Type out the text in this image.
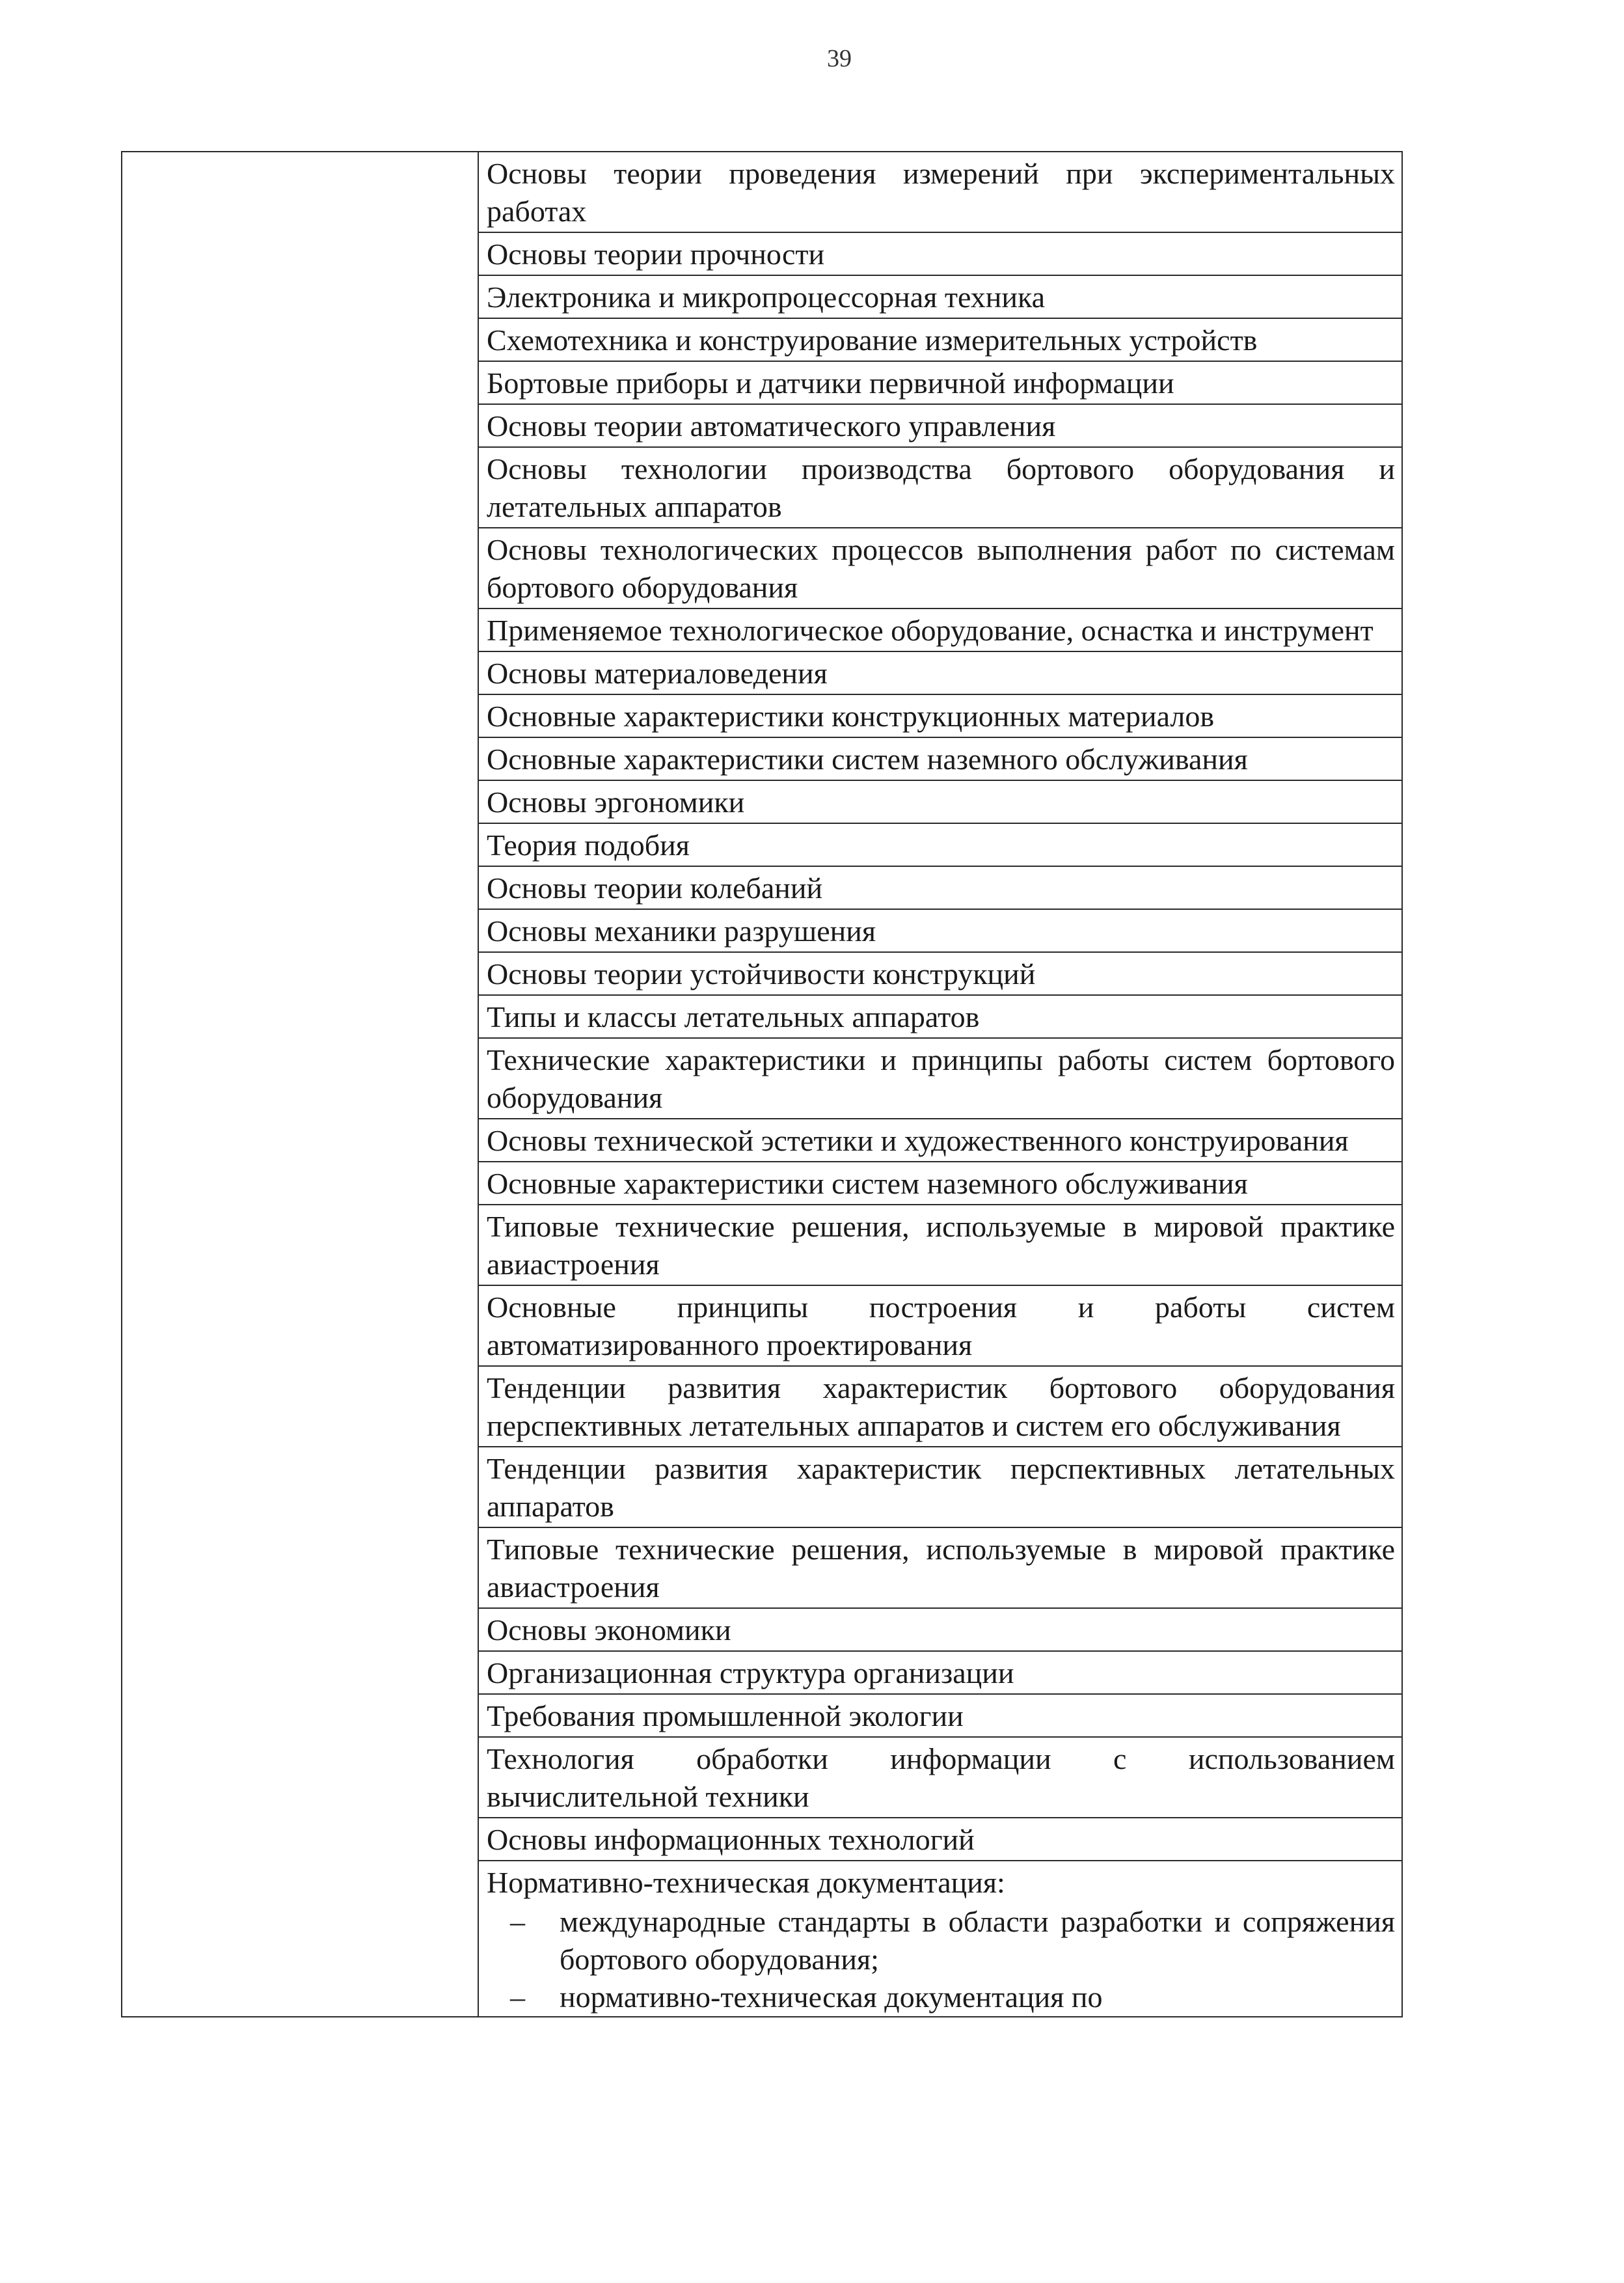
39

Основы теории проведения измерений при экспериментальных работах

Основы теории прочности

Электроника и микропроцессорная техника

Схемотехника и конструирование измерительных устройств

Бортовые приборы и датчики первичной информации

Основы теории автоматического управления

Основы технологии производства бортового оборудования и летательных аппаратов

Основы технологических процессов выполнения работ по системам бортового оборудования

Применяемое технологическое оборудование, оснастка и инструмент

Основы материаловедения

Основные характеристики конструкционных материалов

Основные характеристики систем наземного обслуживания

Основы эргономики

Теория подобия

Основы теории колебаний

Основы механики разрушения

Основы теории устойчивости конструкций

Типы и классы летательных аппаратов

Технические характеристики и принципы работы систем бортового оборудования

Основы технической эстетики и художественного конструирования

Основные характеристики систем наземного обслуживания

Типовые технические решения, используемые в мировой практике авиастроения

Основные принципы построения и работы систем автоматизированного проектирования

Тенденции развития характеристик бортового оборудования перспективных летательных аппаратов и систем его обслуживания

Тенденции развития характеристик перспективных летательных аппаратов

Типовые технические решения, используемые в мировой практике авиастроения

Основы экономики

Организационная структура организации

Требования промышленной экологии

Технология обработки информации с использованием вычислительной техники

Основы информационных технологий

Нормативно-техническая документация:
– международные стандарты в области разработки и сопряжения бортового оборудования;
– нормативно-техническая документация по
